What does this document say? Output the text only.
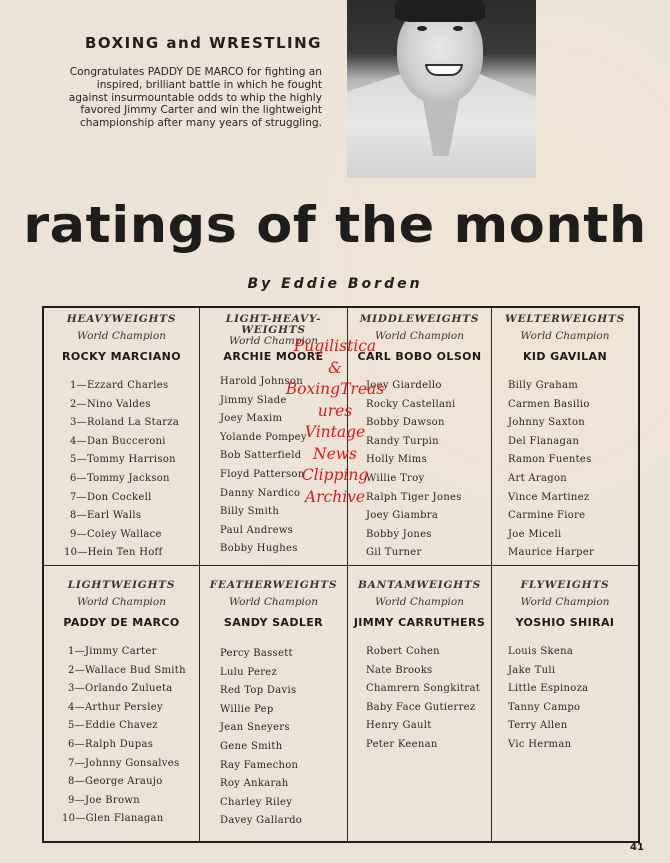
BOXING and WRESTLING
Congratulates PADDY DE MARCO for fighting an inspired, brilliant battle in which he fought against insurmountable odds to whip the highly favored Jimmy Carter and win the lightweight championship after many years of struggling.
ratings of the month
By Eddie Borden
HEAVYWEIGHTS
World Champion
ROCKY MARCIANO
1—Ezzard Charles
2—Nino Valdes
3—Roland La Starza
4—Dan Bucceroni
5—Tommy Harrison
6—Tommy Jackson
7—Don Cockell
8—Earl Walls
9—Coley Wallace
10—Hein Ten Hoff
LIGHT-HEAVY-WEIGHTS
World Champion
ARCHIE MOORE
Harold Johnson
Jimmy Slade
Joey Maxim
Yolande Pompey
Bob Satterfield
Floyd Patterson
Danny Nardico
Billy Smith
Paul Andrews
Bobby Hughes
MIDDLEWEIGHTS
World Champion
CARL BOBO OLSON
Joey Giardello
Rocky Castellani
Bobby Dawson
Randy Turpin
Holly Mims
Willie Troy
Ralph Tiger Jones
Joey Giambra
Bobby Jones
Gil Turner
WELTERWEIGHTS
World Champion
KID GAVILAN
Billy Graham
Carmen Basilio
Johnny Saxton
Del Flanagan
Ramon Fuentes
Art Aragon
Vince Martinez
Carmine Fiore
Joe Miceli
Maurice Harper
LIGHTWEIGHTS
World Champion
PADDY DE MARCO
1—Jimmy Carter
2—Wallace Bud Smith
3—Orlando Zulueta
4—Arthur Persley
5—Eddie Chavez
6—Ralph Dupas
7—Johnny Gonsalves
8—George Araujo
9—Joe Brown
10—Glen Flanagan
FEATHERWEIGHTS
World Champion
SANDY SADLER
Percy Bassett
Lulu Perez
Red Top Davis
Willie Pep
Jean Sneyers
Gene Smith
Ray Famechon
Roy Ankarah
Charley Riley
Davey Gallardo
BANTAMWEIGHTS
World Champion
JIMMY CARRUTHERS
Robert Cohen
Nate Brooks
Chamrern Songkitrat
Baby Face Gutierrez
Henry Gault
Peter Keenan
FLYWEIGHTS
World Champion
YOSHIO SHIRAI
Louis Skena
Jake Tuli
Little Espinoza
Tanny Campo
Terry Allen
Vic Herman
41
Pugilistica
&
BoxingTreas
ures
Vintage
News
Clipping
Archive
